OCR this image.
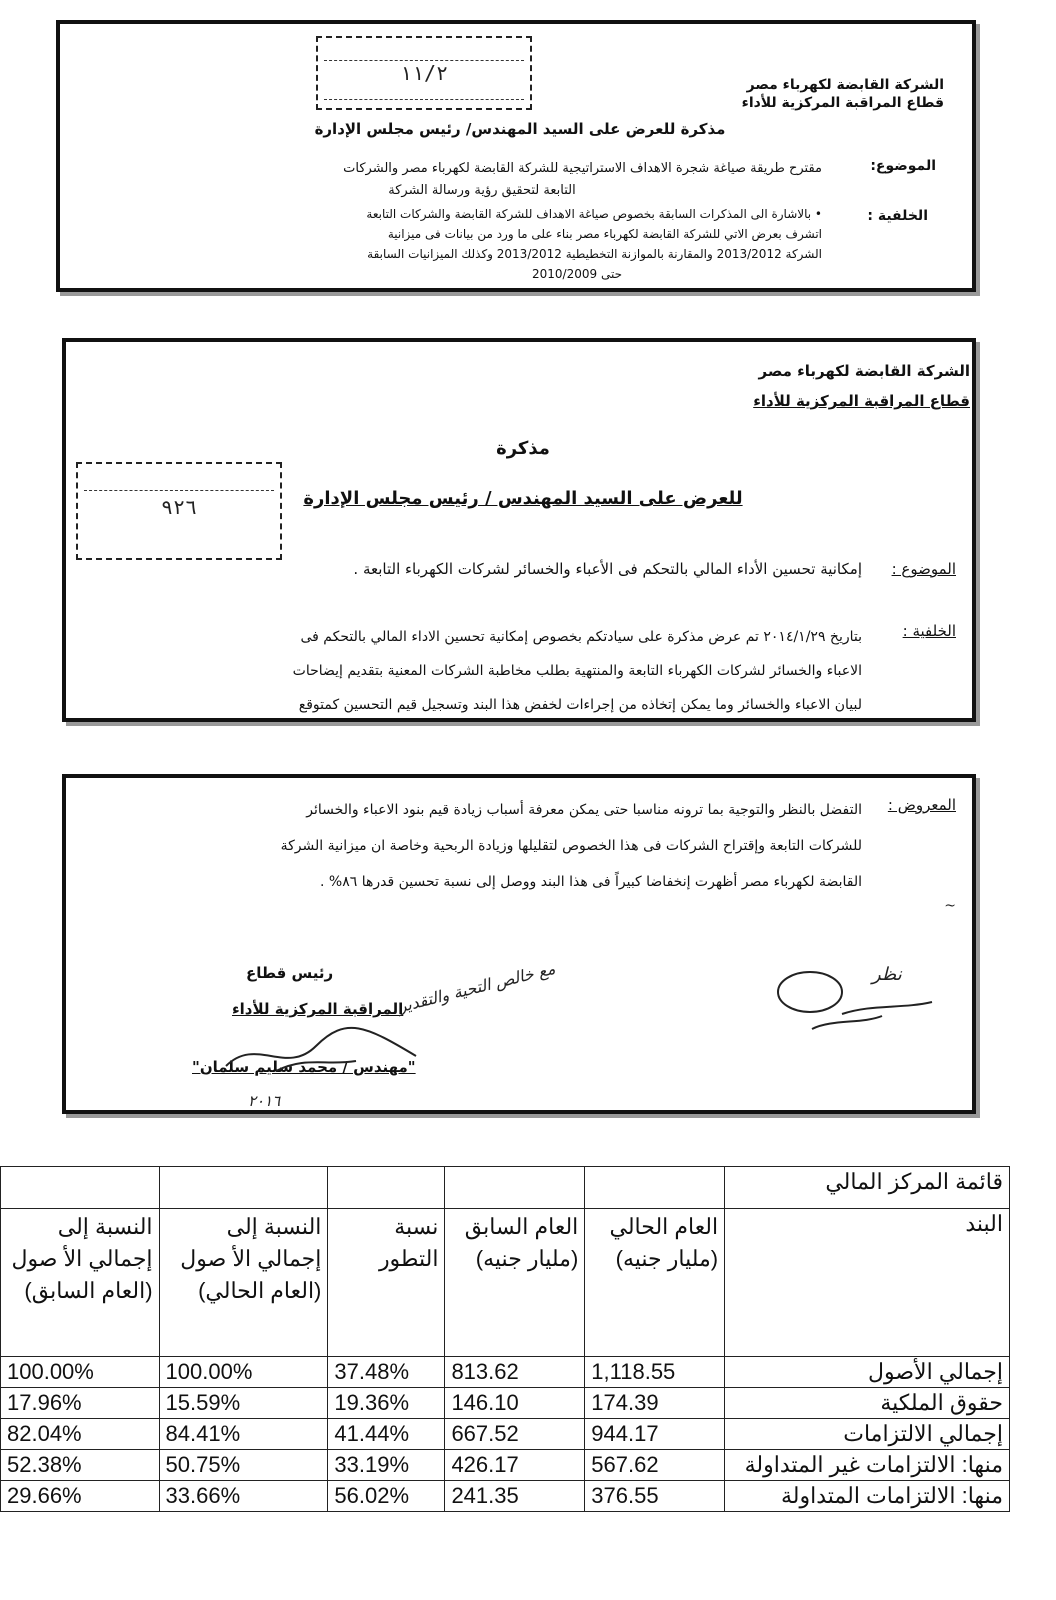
١١/٢	الشركة القابضة لكهرباء مصر
قطاع المراقبة المركزية للأداء
مذكرة للعرض على السيد المهندس/ رئيس مجلس الإدارة
الموضوع:
مقترح طريقة صياغة شجرة الاهداف الاستراتيجية للشركة القابضة لكهرباء مصر والشركات
التابعة لتحقيق رؤية ورسالة الشركة
الخلفية :
• بالاشارة الى المذكرات السابقة بخصوص صياغة الاهداف للشركة القابضة والشركات التابعة
اتشرف بعرض الاتي للشركة القابضة لكهرباء مصر بناء على ما ورد من بيانات فى ميزانية
الشركة 2013/2012 والمقارنة بالموازنة التخطيطية 2013/2012 وكذلك الميزانيات السابقة
حتى 2010/2009
الشركة القابضة لكهرباء مصر
قطاع المراقبة المركزية للأداء
٩٢٦
مذكرة
للعرض على السيد المهندس / رئيس مجلس الإدارة
الموضوع :
إمكانية تحسين الأداء المالي بالتحكم فى الأعباء والخسائر لشركات الكهرباء التابعة .
الخلفية :
بتاريخ ٢٠١٤/١/٢٩ تم عرض مذكرة على سيادتكم بخصوص إمكانية تحسين الاداء المالي بالتحكم فى
الاعباء والخسائر لشركات الكهرباء التابعة والمنتهية بطلب مخاطبة الشركات المعنية بتقديم إيضاحات
لبيان الاعباء والخسائر وما يمكن إتخاذه من إجراءات لخفض هذا البند وتسجيل قيم التحسين كمتوقع
المعروض :
التفضل بالنظر والتوجية بما ترونه مناسبا حتى يمكن معرفة أسباب زيادة قيم بنود الاعباء والخسائر
للشركات التابعة وإقتراح الشركات فى هذا الخصوص لتقليلها وزيادة الربحية وخاصة ان ميزانية الشركة
القابضة لكهرباء مصر أظهرت إنخفاضا كبيراً فى هذا البند ووصل إلى نسبة تحسين قدرها ٨٦% .
~
رئيس قطاع
المراقبة المركزية للأداء
"مهندس / محمد سليم سلمان"
مع خالص التحية والتقدير
٢٠١٦
نظر
قائمة المركز المالي					
البند	العام الحالي (مليار جنيه)	العام السابق (مليار جنيه)	نسبة التطور	النسبة إلى إجمالي الأ صول (العام الحالي)	النسبة إلى إجمالي الأ صول (العام السابق)
إجمالي الأصول	1,118.55	813.62	37.48%	100.00%	100.00%
حقوق الملكية	174.39	146.10	19.36%	15.59%	17.96%
إجمالي الالتزامات	944.17	667.52	41.44%	84.41%	82.04%
منها: الالتزامات غير المتداولة	567.62	426.17	33.19%	50.75%	52.38%
منها: الالتزامات المتداولة	376.55	241.35	56.02%	33.66%	29.66%
